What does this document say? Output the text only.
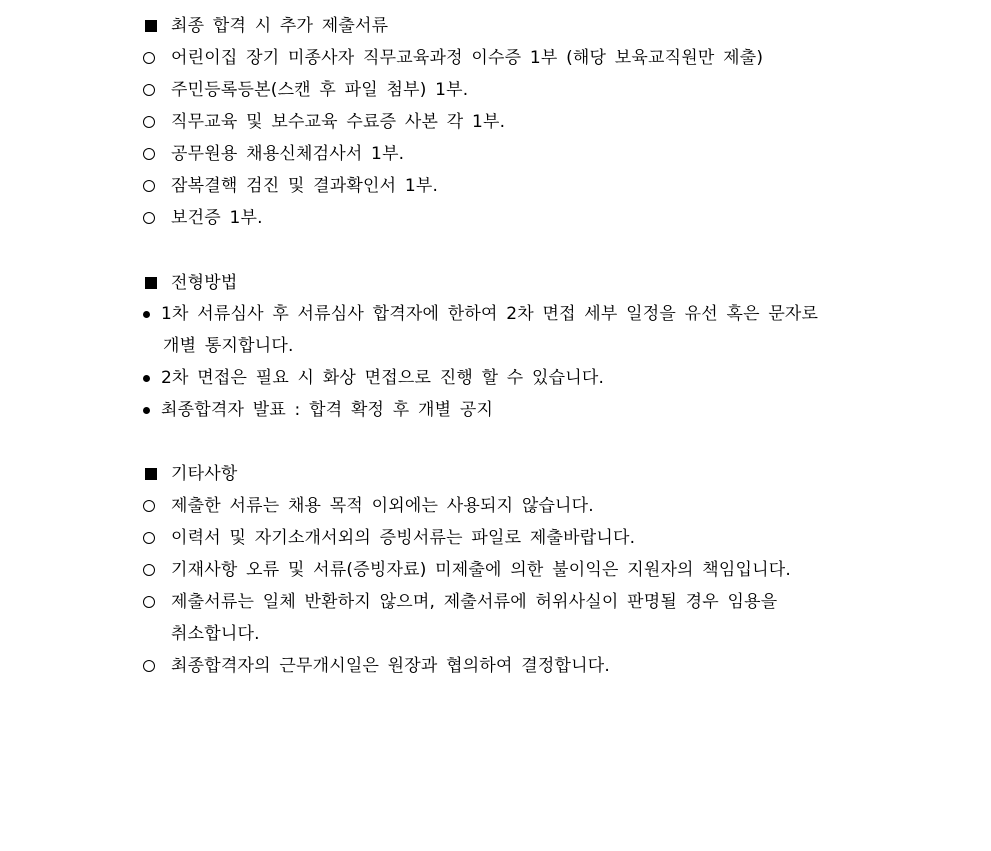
최종 합격 시 추가 제출서류
어린이집 장기 미종사자 직무교육과정 이수증 1부 (해당 보육교직원만 제출)
주민등록등본(스캔 후 파일 첨부) 1부.
직무교육 및 보수교육 수료증 사본 각 1부.
공무원용 채용신체검사서 1부.
잠복결핵 검진 및 결과확인서 1부.
보건증 1부.
전형방법
1차 서류심사 후 서류심사 합격자에 한하여 2차 면접 세부 일정을 유선 혹은 문자로
개별 통지합니다.
2차 면접은 필요 시 화상 면접으로 진행 할 수 있습니다.
최종합격자 발표 : 합격 확정 후 개별 공지
기타사항
제출한 서류는 채용 목적 이외에는 사용되지 않습니다.
이력서 및 자기소개서외의 증빙서류는 파일로 제출바랍니다.
기재사항 오류 및 서류(증빙자료) 미제출에 의한 불이익은 지원자의 책임입니다.
제출서류는 일체 반환하지 않으며, 제출서류에 허위사실이 판명될 경우 임용을
취소합니다.
최종합격자의 근무개시일은 원장과 협의하여 결정합니다.
